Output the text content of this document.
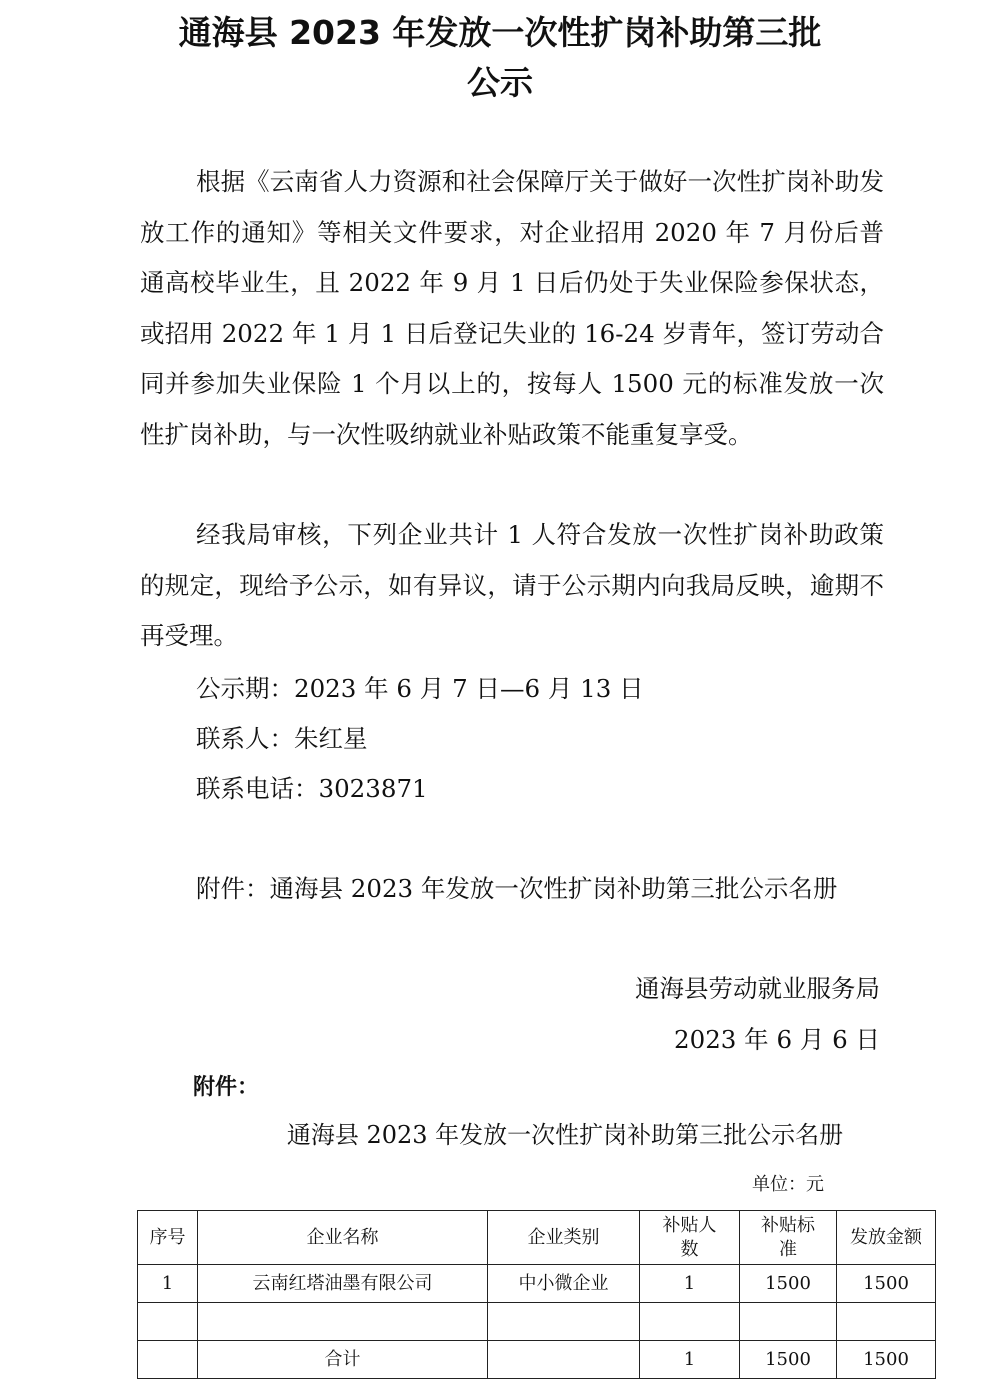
通海县 2023 年发放一次性扩岗补助第三批
公示

根据《云南省人力资源和社会保障厅关于做好一次性扩岗补助发放工作的通知》等相关文件要求，对企业招用 2020 年 7 月份后普通高校毕业生，且 2022 年 9 月 1 日后仍处于失业保险参保状态，或招用 2022 年 1 月 1 日后登记失业的 16-24 岁青年，签订劳动合同并参加失业保险 1 个月以上的，按每人 1500 元的标准发放一次性扩岗补助，与一次性吸纳就业补贴政策不能重复享受。

经我局审核，下列企业共计 1 人符合发放一次性扩岗补助政策的规定，现给予公示，如有异议，请于公示期内向我局反映，逾期不再受理。

公示期：2023 年 6 月 7 日—6 月 13 日
联系人：朱红星
联系电话：3023871
附件：通海县 2023 年发放一次性扩岗补助第三批公示名册
通海县劳动就业服务局
2023 年 6 月 6 日
附件：
通海县 2023 年发放一次性扩岗补助第三批公示名册
单位：元
序号	企业名称	企业类别	补贴人数	补贴标准	发放金额
1	云南红塔油墨有限公司	中小微企业	1	1500	1500

	合计		1	1500	1500
